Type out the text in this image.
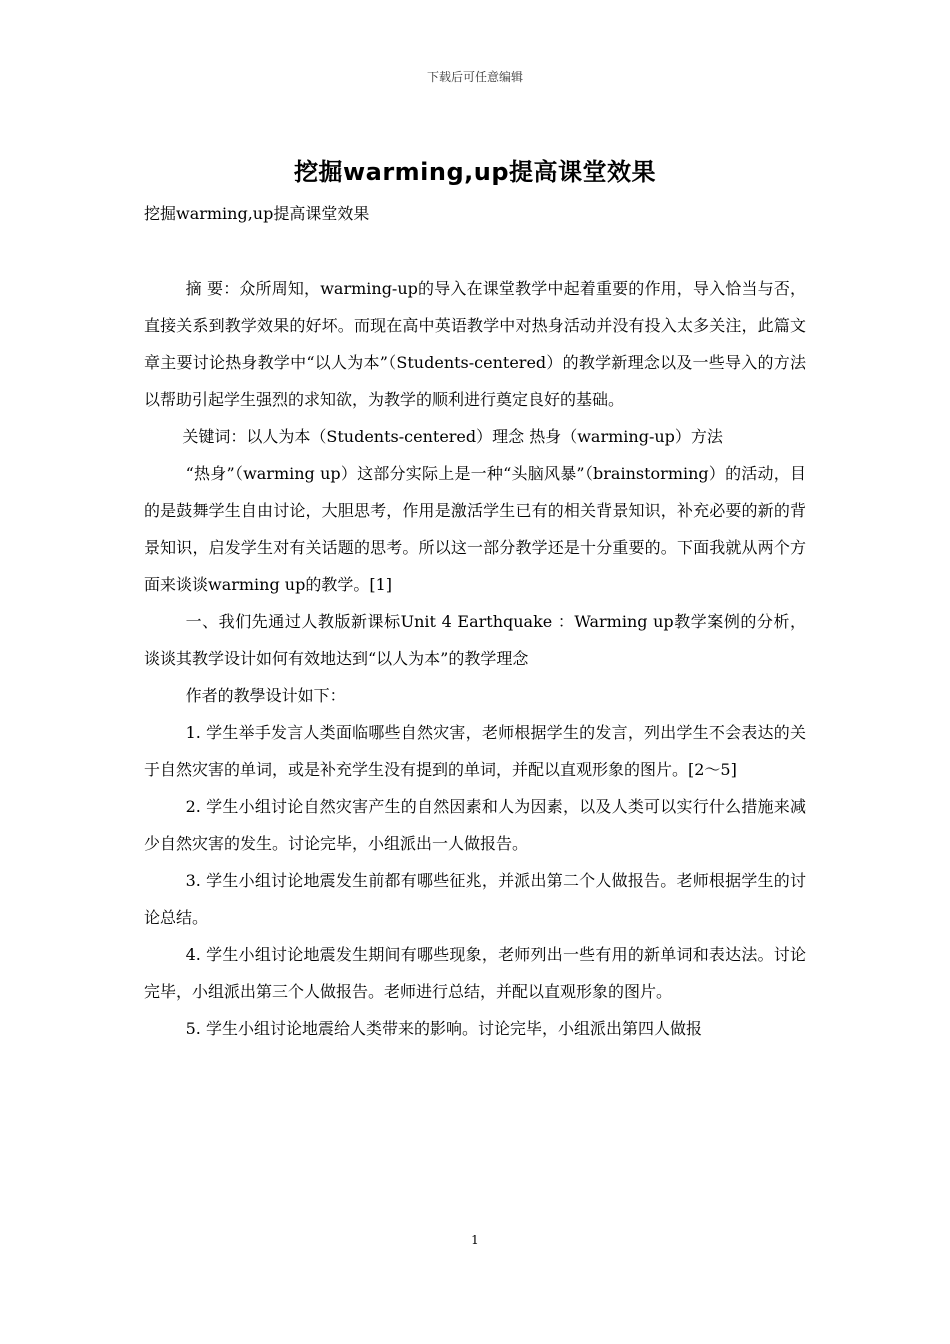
下载后可任意编辑
挖掘warming,up提高课堂效果
挖掘warming,up提高课堂效果

摘 要：众所周知，warming-up的导入在课堂教学中起着重要的作用，导入恰当与否，直接关系到教学效果的好坏。而现在高中英语教学中对热身活动并没有投入太多关注，此篇文章主要讨论热身教学中“以人为本”（Students-centered）的教学新理念以及一些导入的方法以帮助引起学生强烈的求知欲，为教学的顺利进行奠定良好的基础。

关键词：以人为本（Students-centered）理念 热身（warming-up）方法

“热身”（warming up）这部分实际上是一种“头脑风暴”（brainstorming）的活动，目的是鼓舞学生自由讨论，大胆思考，作用是激活学生已有的相关背景知识，补充必要的新的背景知识，启发学生对有关话题的思考。所以这一部分教学还是十分重要的。下面我就从两个方面来谈谈warming up的教学。[1]

一、我们先通过人教版新课标Unit 4 Earthquake ：Warming up教学案例的分析，谈谈其教学设计如何有效地达到“以人为本”的教学理念

作者的教學设计如下：

1. 学生举手发言人类面临哪些自然灾害，老师根据学生的发言，列出学生不会表达的关于自然灾害的单词，或是补充学生没有提到的单词，并配以直观形象的图片。[2～5]

2. 学生小组讨论自然灾害产生的自然因素和人为因素，以及人类可以实行什么措施来减少自然灾害的发生。讨论完毕，小组派出一人做报告。

3. 学生小组讨论地震发生前都有哪些征兆，并派出第二个人做报告。老师根据学生的讨论总结。

4. 学生小组讨论地震发生期间有哪些现象，老师列出一些有用的新单词和表达法。讨论完毕，小组派出第三个人做报告。老师进行总结，并配以直观形象的图片。

5. 学生小组讨论地震给人类带来的影响。讨论完毕，小组派出第四人做报

1
